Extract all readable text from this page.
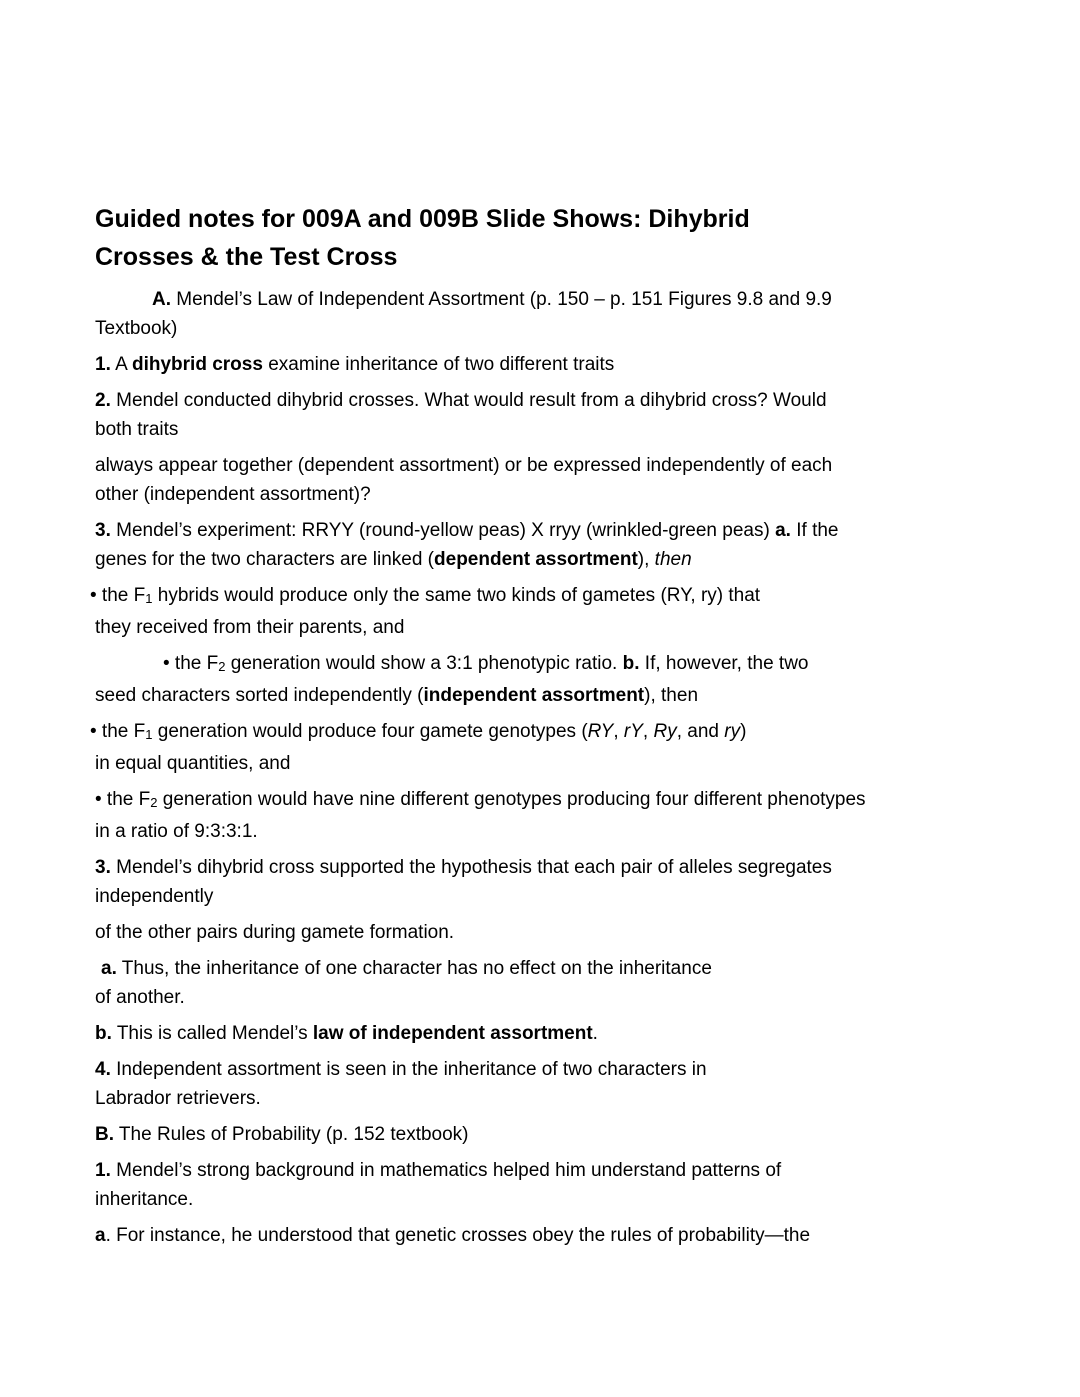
Guided notes for 009A and 009B Slide Shows: Dihybrid
Crosses & the Test Cross

A. Mendel’s Law of Independent Assortment (p. 150 – p. 151 Figures 9.8 and 9.9
Textbook)

1. A dihybrid cross examine inheritance of two different traits

2. Mendel conducted dihybrid crosses. What would result from a dihybrid cross? Would
both traits

always appear together (dependent assortment) or be expressed independently of each
other (independent assortment)?

3. Mendel’s experiment: RRYY (round-yellow peas) X rryy (wrinkled-green peas) a. If the
genes for the two characters are linked (dependent assortment), then

• the F1 hybrids would produce only the same two kinds of gametes (RY, ry) that
they received from their parents, and

• the F2 generation would show a 3:1 phenotypic ratio. b. If, however, the two
seed characters sorted independently (independent assortment), then

• the F1 generation would produce four gamete genotypes (RY, rY, Ry, and ry)
in equal quantities, and

• the F2 generation would have nine different genotypes producing four different phenotypes
in a ratio of 9:3:3:1.

3. Mendel’s dihybrid cross supported the hypothesis that each pair of alleles segregates
independently

of the other pairs during gamete formation.

a. Thus, the inheritance of one character has no effect on the inheritance
of another.

b. This is called Mendel’s law of independent assortment.

4. Independent assortment is seen in the inheritance of two characters in
Labrador retrievers.

B. The Rules of Probability (p. 152 textbook)

1. Mendel’s strong background in mathematics helped him understand patterns of
inheritance.

a. For instance, he understood that genetic crosses obey the rules of probability—the
